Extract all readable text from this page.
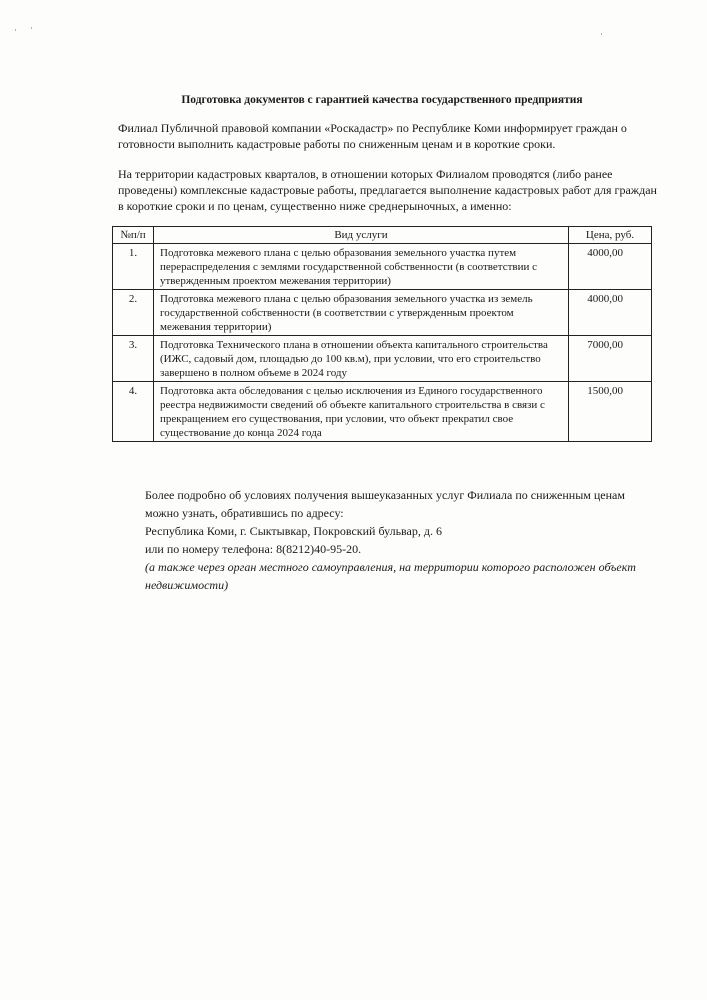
· ·
·
Подготовка документов с гарантией качества государственного предприятия
Филиал Публичной правовой компании «Роскадастр» по Республике Коми информирует граждан о готовности выполнить кадастровые работы по сниженным ценам и в короткие сроки.
На территории кадастровых кварталов, в отношении которых Филиалом проводятся (либо ранее проведены) комплексные кадастровые работы, предлагается выполнение кадастровых работ для граждан в короткие сроки и по ценам, существенно ниже среднерыночных, а именно:
№п/п	Вид услуги	Цена, руб.
1.	Подготовка межевого плана с целью образования земельного участка путем перераспределения с землями государственной собственности (в соответствии с утвержденным проектом межевания территории)	4000,00
2.	Подготовка межевого плана с целью образования земельного участка из земель государственной собственности (в соответствии с утвержденным проектом межевания территории)	4000,00
3.	Подготовка Технического плана в отношении объекта капитального строительства (ИЖС, садовый дом, площадью до 100 кв.м), при условии, что его строительство завершено в полном объеме в 2024 году	7000,00
4.	Подготовка акта обследования с целью исключения из Единого государственного реестра недвижимости сведений об объекте капитального строительства в связи с прекращением его существования, при условии, что объект прекратил свое существование до конца 2024 года	1500,00
Более подробно об условиях получения вышеуказанных услуг Филиала по сниженным ценам можно узнать, обратившись по адресу:
Республика Коми, г. Сыктывкар, Покровский бульвар, д. 6
или по номеру телефона: 8(8212)40-95-20.
(а также через орган местного самоуправления, на территории которого расположен объект недвижимости)
